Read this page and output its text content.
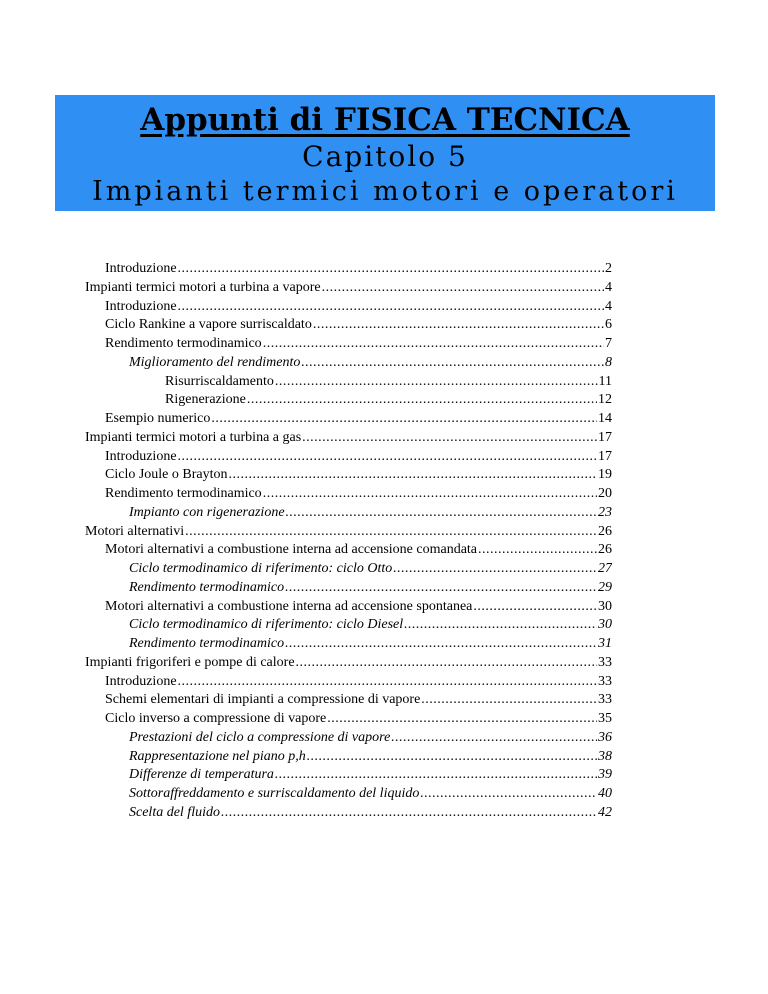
Appunti di FISICA TECNICA
Capitolo 5
Impianti termici motori e operatori
Introduzione .....	2
Impianti termici motori a turbina a vapore .....	4
Introduzione .....	4
Ciclo Rankine a vapore surriscaldato .....	6
Rendimento termodinamico .....	7
Miglioramento del rendimento .....	8
Risurriscaldamento .....	11
Rigenerazione .....	12
Esempio numerico .....	14
Impianti termici motori a turbina a gas .....	17
Introduzione .....	17
Ciclo Joule o Brayton .....	19
Rendimento termodinamico .....	20
Impianto con rigenerazione .....	23
Motori alternativi .....	26
Motori alternativi a combustione interna ad accensione comandata .....	26
Ciclo termodinamico di riferimento: ciclo Otto .....	27
Rendimento termodinamico .....	29
Motori alternativi a combustione interna ad accensione spontanea .....	30
Ciclo termodinamico di riferimento: ciclo Diesel .....	30
Rendimento termodinamico .....	31
Impianti frigoriferi e pompe di calore .....	33
Introduzione .....	33
Schemi elementari di impianti a compressione di vapore .....	33
Ciclo inverso a compressione di vapore .....	35
Prestazioni del ciclo a compressione di vapore .....	36
Rappresentazione nel piano p,h .....	38
Differenze di temperatura .....	39
Sottoraffreddamento e surriscaldamento del liquido .....	40
Scelta del fluido .....	42
